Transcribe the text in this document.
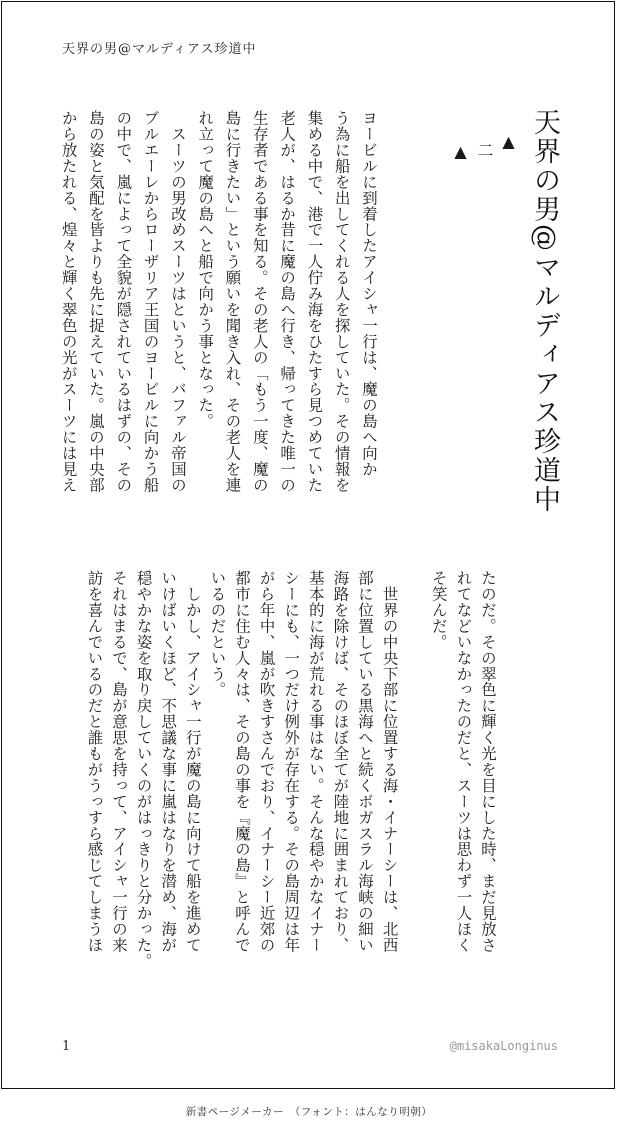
天界の男@マルディアス珍道中
天界の男@マルディアス珍道中
▲
二
▲
ヨービルに到着したアイシャ一行は、魔の島へ向か
う為に船を出してくれる人を探していた。その情報を
集める中で、港で一人佇み海をひたすら見つめていた
老人が、はるか昔に魔の島へ行き、帰ってきた唯一の
生存者である事を知る。その老人の「もう一度、魔の
島に行きたい」という願いを聞き入れ、その老人を連
れ立って魔の島へと船で向かう事となった。
　スーツの男改めスーツはというと、バファル帝国の
ブルエーレからローザリア王国のヨービルに向かう船
の中で、嵐によって全貌が隠されているはずの、その
島の姿と気配を皆よりも先に捉えていた。嵐の中央部
から放たれる、煌々と輝く翠色の光がスーツには見え
たのだ。その翠色に輝く光を目にした時、まだ見放さ
れてなどいなかったのだと、スーツは思わず一人ほく
そ笑んだ。
　世界の中央下部に位置する海・イナーシーは、北西
部に位置している黒海へと続くボガスラル海峡の細い
海路を除けば、そのほぼ全てが陸地に囲まれており、
基本的に海が荒れる事はない。そんな穏やかなイナー
シーにも、一つだけ例外が存在する。その島周辺は年
がら年中、嵐が吹きすさんでおり、イナーシー近郊の
都市に住む人々は、その島の事を『魔の島』と呼んで
いるのだという。
　しかし、アイシャ一行が魔の島に向けて船を進めて
いけばいくほど、不思議な事に嵐はなりを潜め、海が
穏やかな姿を取り戻していくのがはっきりと分かった。
それはまるで、島が意思を持って、アイシャ一行の来
訪を喜んでいるのだと誰もがうっすら感じてしまうほ
1	@misakaLonginus
新書ページメーカー　（フォント：はんなり明朝）
